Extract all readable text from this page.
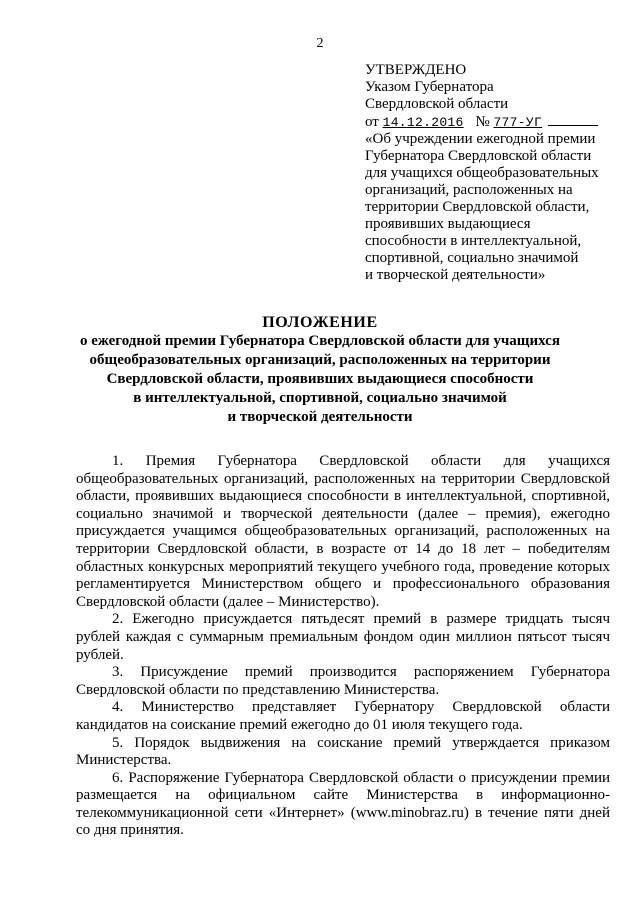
2
УТВЕРЖДЕНО
Указом Губернатора
Свердловской области
от 14.12.2016 № 777-УГ
«Об учреждении ежегодной премии
Губернатора Свердловской области
для учащихся общеобразовательных
организаций, расположенных на
территории Свердловской области,
проявивших выдающиеся
способности в интеллектуальной,
спортивной, социально значимой
и творческой деятельности»
ПОЛОЖЕНИЕ
о ежегодной премии Губернатора Свердловской области для учащихся
общеобразовательных организаций, расположенных на территории
Свердловской области, проявивших выдающиеся способности
в интеллектуальной, спортивной, социально значимой
и творческой деятельности

1. Премия Губернатора Свердловской области для учащихся общеобразовательных организаций, расположенных на территории Свердловской области, проявивших выдающиеся способности в интеллектуальной, спортивной, социально значимой и творческой деятельности (далее – премия), ежегодно присуждается учащимся общеобразовательных организаций, расположенных на территории Свердловской области, в возрасте от 14 до 18 лет – победителям областных конкурсных мероприятий текущего учебного года, проведение которых регламентируется Министерством общего и профессионального образования Свердловской области (далее – Министерство).

2. Ежегодно присуждается пятьдесят премий в размере тридцать тысяч рублей каждая с суммарным премиальным фондом один миллион пятьсот тысяч рублей.

3. Присуждение премий производится распоряжением Губернатора Свердловской области по представлению Министерства.

4. Министерство представляет Губернатору Свердловской области кандидатов на соискание премий ежегодно до 01 июля текущего года.

5. Порядок выдвижения на соискание премий утверждается приказом Министерства.

6. Распоряжение Губернатора Свердловской области о присуждении премии размещается на официальном сайте Министерства в информационно-телекоммуникационной сети «Интернет» (www.minobraz.ru) в течение пяти дней со дня принятия.
